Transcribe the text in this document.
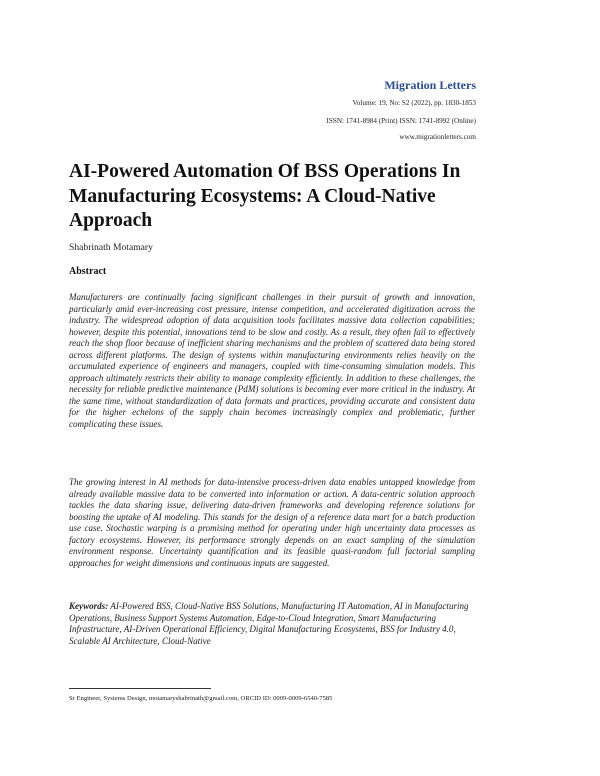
Migration Letters
Volume: 19, No: S2 (2022), pp. 1830-1853
ISSN: 1741-8984 (Print) ISSN: 1741-8992 (Online)
www.migrationletters.com
AI-Powered Automation Of BSS Operations In Manufacturing Ecosystems: A Cloud-Native Approach
Shabrinath Motamary
Abstract

Manufacturers are continually facing significant challenges in their pursuit of growth and innovation, particularly amid ever-increasing cost pressure, intense competition, and accelerated digitization across the industry. The widespread adoption of data acquisition tools facilitates massive data collection capabilities; however, despite this potential, innovations tend to be slow and costly. As a result, they often fail to effectively reach the shop floor because of inefficient sharing mechanisms and the problem of scattered data being stored across different platforms. The design of systems within manufacturing environments relies heavily on the accumulated experience of engineers and managers, coupled with time-consuming simulation models. This approach ultimately restricts their ability to manage complexity efficiently. In addition to these challenges, the necessity for reliable predictive maintenance (PdM) solutions is becoming ever more critical in the industry. At the same time, without standardization of data formats and practices, providing accurate and consistent data for the higher echelons of the supply chain becomes increasingly complex and problematic, further complicating these issues.

The growing interest in AI methods for data-intensive process-driven data enables untapped knowledge from already available massive data to be converted into information or action. A data-centric solution approach tackles the data sharing issue, delivering data-driven frameworks and developing reference solutions for boosting the uptake of AI modeling. This stands for the design of a reference data mart for a batch production use case. Stochastic warping is a promising method for operating under high uncertainty data processes as factory ecosystems. However, its performance strongly depends on an exact sampling of the simulation environment response. Uncertainty quantification and its feasible quasi-random full factorial sampling approaches for weight dimensions and continuous inputs are suggested.

Keywords: AI-Powered BSS, Cloud-Native BSS Solutions, Manufacturing IT Automation, AI in Manufacturing Operations, Business Support Systems Automation, Edge-to-Cloud Integration, Smart Manufacturing Infrastructure, AI-Driven Operational Efficiency, Digital Manufacturing Ecosystems, BSS for Industry 4.0, Scalable AI Architecture, Cloud-Native

Sr Engineer, Systems Design, motamaryshabrinath@gmail.com, ORCID ID: 0009-0009-6540-7585
